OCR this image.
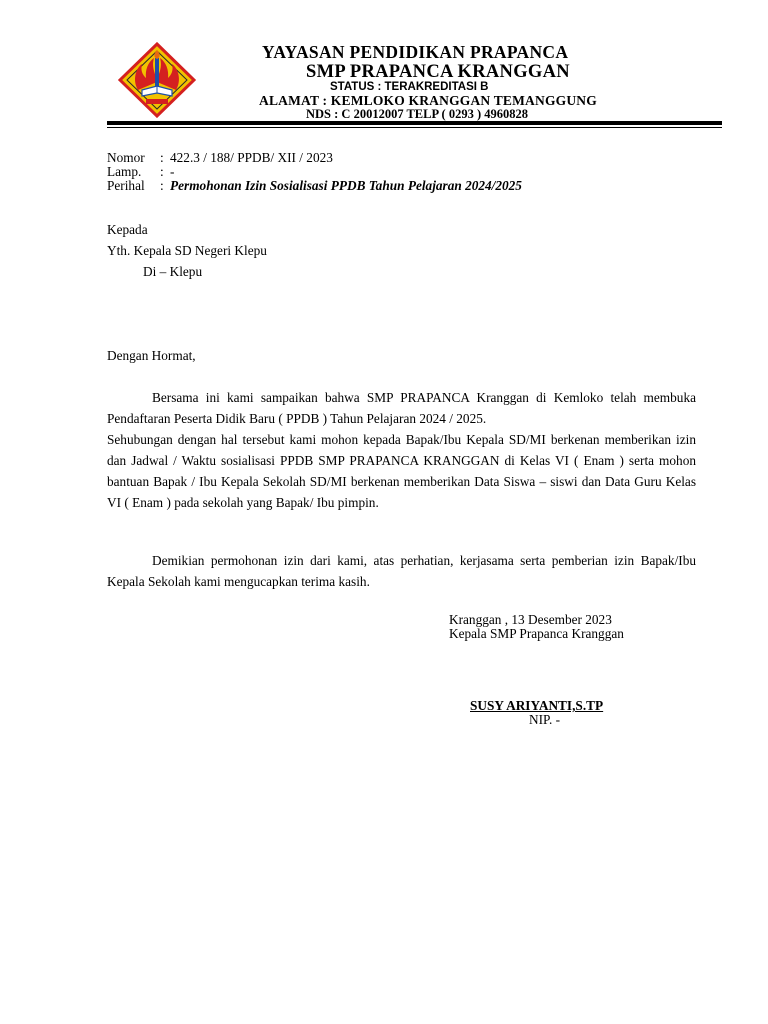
YAYASAN PENDIDIKAN PRAPANCA
SMP PRAPANCA KRANGGAN
STATUS : TERAKREDITASI B
ALAMAT : KEMLOKO KRANGGAN TEMANGGUNG
NDS : C 20012007 TELP ( 0293 ) 4960828
Nomor : 422.3 / 188/ PPDB/ XII / 2023
Lamp. : -
Perihal : Permohonan Izin Sosialisasi PPDB Tahun Pelajaran 2024/2025
Kepada
Yth. Kepala SD Negeri Klepu
Di – Klepu
Dengan Hormat,

Bersama ini kami sampaikan bahwa SMP PRAPANCA Kranggan di Kemloko telah membuka Pendaftaran Peserta Didik Baru ( PPDB ) Tahun Pelajaran 2024 / 2025.

Sehubungan dengan hal tersebut kami mohon kepada Bapak/Ibu Kepala SD/MI berkenan memberikan izin dan Jadwal / Waktu sosialisasi PPDB SMP PRAPANCA KRANGGAN di Kelas VI ( Enam ) serta mohon bantuan Bapak / Ibu Kepala Sekolah SD/MI berkenan memberikan Data Siswa – siswi dan Data Guru Kelas VI ( Enam ) pada sekolah yang Bapak/ Ibu pimpin.

Demikian permohonan izin dari kami, atas perhatian, kerjasama serta pemberian izin Bapak/Ibu Kepala Sekolah kami mengucapkan terima kasih.

Kranggan , 13 Desember 2023
Kepala SMP Prapanca Kranggan
SUSY ARIYANTI,S.TP
NIP. -
